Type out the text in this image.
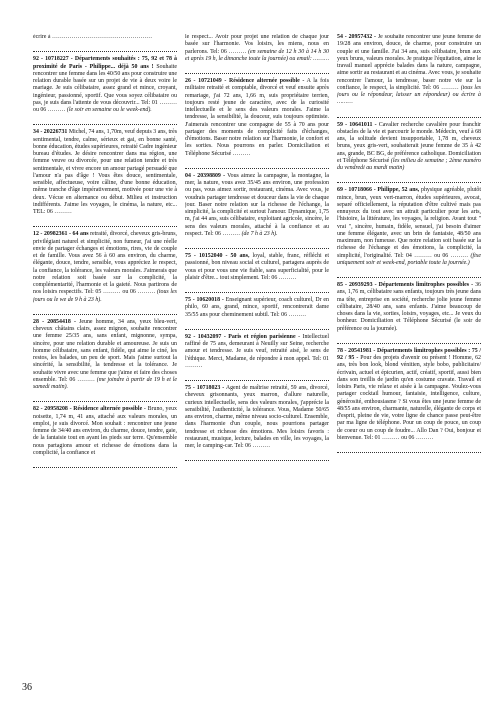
écrire à ……………………………………………

92 - 10718227 - Départements souhaités : 75, 92 et 78 à proximité de Paris - Philippe... déjà 50 ans ! Souhaite rencontrer une femme dans les 40/50 ans pour construire une relation durable basée sur un projet de vie à deux voire le mariage. Je suis célibataire, assez grand et mince, croyant, ingénieur, passionné, sportif. Que vous soyez célibataire ou pas, je suis dans l'attente de vous découvrir... Tel: 01 ……… ou 06 ……… (le soir en semaine ou le week-end).

34 - 20226731 Michel, 74 ans, 1,70m, veuf depuis 3 ans, très sentimental, tendre, calme, sérieux et gai, en bonne santé, bonne éducation, études supérieures, retraité Cadre ingénieur bureau d'études. Je désire rencontrer dans ma région, une femme veuve ou divorcée, pour une relation tendre et très sentimentale, et vivre encore un amour partagé persuadé que l'amour n'a pas d'âge ! Vous êtes douce, sentimentale, sensible, affectueuse, voire câline, d'une bonne éducation, même tranche d'âge impérativement, motivée pour une vie à deux. Vécue en alternance ou début. Milieu et instruction indifférents. J'aime les voyages, le cinéma, la nature, etc... TEL: 06 ………

12 - 20982361 - 64 ans retraité, divorcé, cheveux gris-bruns, privilégiant naturel et simplicité, non fumeur, j'ai une réelle envie de partager échanges et émotions, rires, vie de couple et de famille. Vous avez 56 à 60 ans environ, du charme, élégante, douce, tendre, sensible, vous appréciez le respect, la confiance, la tolérance, les valeurs morales. J'aimerais que notre relation soit basée sur la complicité, la complémentarité, l'harmonie et la gaieté. Nous partirons de nos loisirs respectifs. Tel: 05 ……… ou 06 ……… (tous les jours ou le we de 9 h à 23 h).

28 - 20854418 - Jeune homme, 34 ans, yeux bleu-vert, cheveux châtains clairs, assez mignon, souhaite rencontrer une femme 25/35 ans, sans enfant, mignonne, sympa, sincère, pour une relation durable et amoureuse. Je suis un homme célibataire, sans enfant, fidèle, qui aime le ciné, les restos, les balades, un peu de sport. Mais j'aime surtout la sincérité, la sensibilité, la tendresse et la tolérance. Je souhaite vivre avec une femme que j'aime et faire des choses ensemble. Tel: 06 ……… (me joindre à partir de 19 h et le samedi matin).

82 - 20958208 - Résidence alternée possible - Bruno, yeux noisette, 1,74 m, 41 ans, attaché aux valeurs morales, un emploi, je suis divorcé. Mon souhait : rencontrer une jeune femme de 34/40 ans environ, du charme, douce, tendre, gaie, de la fantaisie tout en ayant les pieds sur terre. Qu'ensemble nous partagions amour et richesse de émotions dans la complicité, la confiance et

le respect... Avoir pour projet une relation de chaque jour basée sur l'harmonie. Vos loisirs, les miens, nous en parlerons. Tel: 06 ……… (en semaine de 12 h 30 à 14 h 30 et après 19 h, le dimanche toute la journée) ou email: ………

26 - 10721049 - Résidence alternée possible - A la fois militaire retraité et comptable, divorcé et veuf ensuite après remariage, j'ai 72 ans, 1,66 m, suis propriétaire terrien, toujours resté jeune de caractère, avec de la curiosité intellectuelle et le sens des valeurs morales. J'aime la tendresse, la sensibilité, la douceur, suis toujours optimiste. J'aimerais rencontrer une compagne de 55 à 70 ans pour partager des moments de complicité faits d'échanges, d'émotions. Baser notre relation sur l'harmonie, le confort et les sorties. Nous pourrons en parler. Domiciliation et Téléphone Sécurisé ………

04 - 20398809 - Vous aimez la campagne, la montagne, la mer, la nature, vous avez 35/45 ans environ, une profession ou pas, vous aimez sortir, restaurant, cinéma. Avec vous, je voudrais partager tendresse et douceur dans la vie de chaque jour. Baser notre relation sur la richesse de l'échange, la simplicité, la complicité et surtout l'amour. Dynamique, 1,75 m, j'ai 44 ans, suis célibataire, exploitant agricole, sincère, le sens des valeurs morales, attaché à la confiance et au respect. Tel: 06 ……… (de 7 h à 23 h).

75 - 10152040 - 50 ans, loyal, stable, franc, réfléchi et passionné, bon niveau social et culturel, partagera auprès de vous et pour vous une vie fiable, sans superficialité, pour le plaisir d'être... tout simplement. Tel: 06 ………

75 - 10620018 - Enseignant supérieur, coach culturel, Dr en philo, 60 ans, grand, mince, sportif, rencontrerait dame 35/55 ans pour cheminement subtil. Tel: 06 ………

92 - 10432097 - Paris et région parisienne - Intellectuel raffiné de 75 ans, demeurant à Neuilly sur Seine, recherche amour et tendresse. Je suis veuf, retraité aisé, le sens de l'éthique. Merci, Madame, de répondre à mon appel. Tel: 01 ………

75 - 10718023 - Agent de maîtrise retraité, 59 ans, divorcé, cheveux grisonnants, yeux marron, d'allure naturelle, curieux intellectuelle, sens des valeurs morales, j'apprécie la sensibilité, l'authenticité, la tolérance. Vous, Madame 50/65 ans environ, charme, même niveau socio-culturel. Ensemble, dans l'harmonie d'un couple, nous pourrions partager tendresse et richesse des émotions. Mes loisirs favoris : restaurant, musique, lecture, balades en ville, les voyages, la mer, le camping-car. Tel: 06 ………

54 - 20957432 - Je souhaite rencontrer une jeune femme de 19/28 ans environ, douce, de charme, pour construire un couple et une famille. J'ai 34 ans, suis célibataire, brun aux yeux bruns, valeurs morales. Je pratique l'équitation, aime le travail manuel apprécie balades dans la nature, campagne, aime sortir au restaurant et au cinéma. Avec vous, je souhaite rencontrer l'amour, la tendresse, baser notre vie sur la confiance, le respect, la simplicité. Tel: 06 ……… (tous les jours ou le répondeur, laisser un répondeur) ou écrire à ………

59 - 10641011 - Cavalier recherche cavalière pour franchir obstacles de la vie et parcourir le monde. Médecin, veuf à 68 ans, la solitude devient insupportable, 1,78 m, cheveux bruns, yeux gris-vert, souhaiterait jeune femme de 35 à 42 ans, grande, BC BG, de préférence catholique. Domiciliation et Téléphone Sécurisé (les milieu de semaine ; 2ème numéro du vendredi au mardi matin)

69 - 10718066 - Philippe, 52 ans, physique agréable, plutôt mince, brun, yeux vert-marron, études supérieures, avocat, separé officiellement, la réputation d'être cultivé mais pas ennuyeux du tout avec un attrait particulier pour les arts, l'histoire, la littérature, les voyages, la religion. Avant tout " vrai ", sincère, humain, fidèle, sensuel, j'ai besoin d'aimer une femme élégante, avec un brin de fantaisie, 48/50 ans maximum, non fumeuse. Que notre relation soit basée sur la richesse de l'échange et des émotions, la complicité, la simplicité, l'originalité. Tel: 04 ……… ou 06 ……… (fixe uniquement soir et week-end, portable toute la journée.)

85 - 20939293 - Départements limitrophes possibles - 36 ans, 1,76 m, célibataire sans enfants, toujours très jeune dans ma tête, entreprise en société, recherche jolie jeune femme célibataire, 28/40 ans, sans enfants. J'aime beaucoup de choses dans la vie, sorties, loisirs, voyages, etc... Je veux du bonheur. Domiciliation et Téléphone Sécurisé (le soir de préférence ou la journée).

78 - 20541981 - Départements limitrophes possibles : 75 / 92 / 95 - Pour des projets d'avenir ou présent ! Homme, 62 ans, très bon look, blond vénitien, style bobo, publicitaire/écrivain, actuel et épicurien, actif, créatif, sportif, aussi bien dans son treillis de jardin qu'en costume cravate. Travail et loisirs Paris, vie relaxe et aisée à la campagne. Voulez-vous partager cocktail humour, fantaisie, intelligence, culture, générosité, enthousiasme ? Si vous êtes une jeune femme de 48/55 ans environ, charmante, naturelle, élégante de corps et d'esprit, pleine de vie, votre ligne de chance passe peut-être par ma ligne de téléphone. Pour un coup de pouce, un coup de coeur ou un coup de foudre... Allo Dan ? Oui, bonjour et bienvenue. Tel: 01 ……… ou 06 ………

36
